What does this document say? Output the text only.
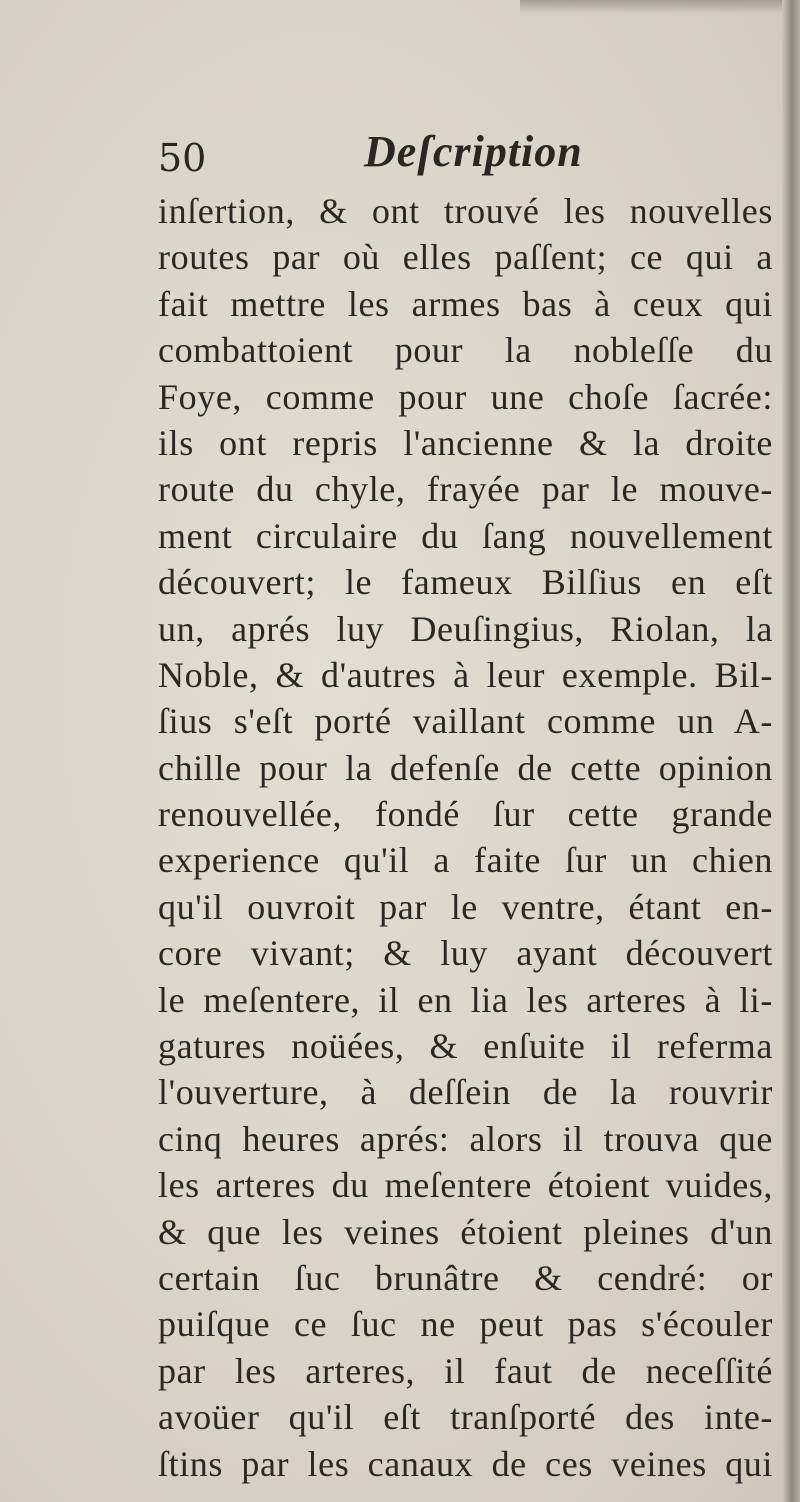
50	Deſcription
inſertion, & ont trouvé les nouvelles
routes par où elles paſſent; ce qui a
fait mettre les armes bas à ceux qui
combattoient pour la nobleſſe du
Foye, comme pour une choſe ſacrée:
ils ont repris l'ancienne & la droite
route du chyle, frayée par le mouve-
ment circulaire du ſang nouvellement
découvert; le fameux Bilſius en eſt
un, aprés luy Deuſingius, Riolan, la
Noble, & d'autres à leur exemple. Bil-
ſius s'eſt porté vaillant comme un A-
chille pour la defenſe de cette opinion
renouvellée, fondé ſur cette grande
experience qu'il a faite ſur un chien
qu'il ouvroit par le ventre, étant en-
core vivant; & luy ayant découvert
le meſentere, il en lia les arteres à li-
gatures noüées, & enſuite il referma
l'ouverture, à deſſein de la rouvrir
cinq heures aprés: alors il trouva que
les arteres du meſentere étoient vuides,
& que les veines étoient pleines d'un
certain ſuc brunâtre & cendré: or
puiſque ce ſuc ne peut pas s'écouler
par les arteres, il faut de neceſſité
avoüer qu'il eſt tranſporté des inte-
ſtins par les canaux de ces veines qui
